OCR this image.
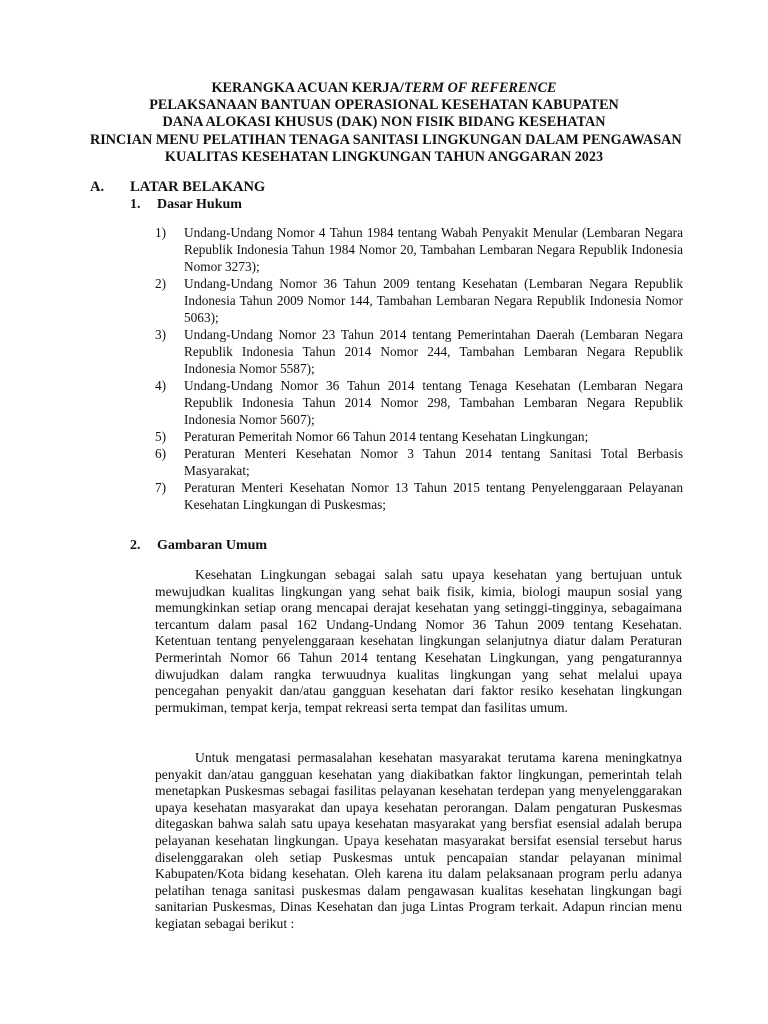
KERANGKA ACUAN KERJA/TERM OF REFERENCE
PELAKSANAAN BANTUAN OPERASIONAL KESEHATAN KABUPATEN
DANA ALOKASI KHUSUS (DAK) NON FISIK BIDANG KESEHATAN
RINCIAN MENU PELATIHAN TENAGA SANITASI LINGKUNGAN DALAM PENGAWASAN
KUALITAS KESEHATAN LINGKUNGAN TAHUN ANGGARAN 2023
A. LATAR BELAKANG
1. Dasar Hukum
1)	Undang-Undang Nomor 4 Tahun 1984 tentang Wabah Penyakit Menular (Lembaran Negara Republik Indonesia Tahun 1984 Nomor 20, Tambahan Lembaran Negara Republik Indonesia Nomor 3273);
2)	Undang-Undang Nomor 36 Tahun 2009 tentang Kesehatan (Lembaran Negara Republik Indonesia Tahun 2009 Nomor 144, Tambahan Lembaran Negara Republik Indonesia Nomor 5063);
3)	Undang-Undang Nomor 23 Tahun 2014 tentang Pemerintahan Daerah (Lembaran Negara Republik Indonesia Tahun 2014 Nomor 244, Tambahan Lembaran Negara Republik Indonesia Nomor 5587);
4)	Undang-Undang Nomor 36 Tahun 2014 tentang Tenaga Kesehatan (Lembaran Negara Republik Indonesia Tahun 2014 Nomor 298, Tambahan Lembaran Negara Republik Indonesia Nomor 5607);
5)	Peraturan Pemeritah Nomor 66 Tahun 2014 tentang Kesehatan Lingkungan;
6)	Peraturan Menteri Kesehatan Nomor 3 Tahun 2014 tentang Sanitasi Total Berbasis Masyarakat;
7)	Peraturan Menteri Kesehatan Nomor 13 Tahun 2015 tentang Penyelenggaraan Pelayanan Kesehatan Lingkungan di Puskesmas;
2. Gambaran Umum

Kesehatan Lingkungan sebagai salah satu upaya kesehatan yang bertujuan untuk mewujudkan kualitas lingkungan yang sehat baik fisik, kimia, biologi maupun sosial yang memungkinkan setiap orang mencapai derajat kesehatan yang setinggi-tingginya, sebagaimana tercantum dalam pasal 162 Undang-Undang Nomor 36 Tahun 2009 tentang Kesehatan. Ketentuan tentang penyelenggaraan kesehatan lingkungan selanjutnya diatur dalam Peraturan Permerintah Nomor 66 Tahun 2014 tentang Kesehatan Lingkungan, yang pengaturannya diwujudkan dalam rangka terwuudnya kualitas lingkungan yang sehat melalui upaya pencegahan penyakit dan/atau gangguan kesehatan dari faktor resiko kesehatan lingkungan permukiman, tempat kerja, tempat rekreasi serta tempat dan fasilitas umum.

Untuk mengatasi permasalahan kesehatan masyarakat terutama karena meningkatnya penyakit dan/atau gangguan kesehatan yang diakibatkan faktor lingkungan, pemerintah telah menetapkan Puskesmas sebagai fasilitas pelayanan kesehatan terdepan yang menyelenggarakan upaya kesehatan masyarakat dan upaya kesehatan perorangan. Dalam pengaturan Puskesmas ditegaskan bahwa salah satu upaya kesehatan masyarakat yang bersfiat esensial adalah berupa pelayanan kesehatan lingkungan. Upaya kesehatan masyarakat bersifat esensial tersebut harus diselenggarakan oleh setiap Puskesmas untuk pencapaian standar pelayanan minimal Kabupaten/Kota bidang kesehatan. Oleh karena itu dalam pelaksanaan program perlu adanya pelatihan tenaga sanitasi puskesmas dalam pengawasan kualitas kesehatan lingkungan bagi sanitarian Puskesmas, Dinas Kesehatan dan juga Lintas Program terkait. Adapun rincian menu kegiatan sebagai berikut :
